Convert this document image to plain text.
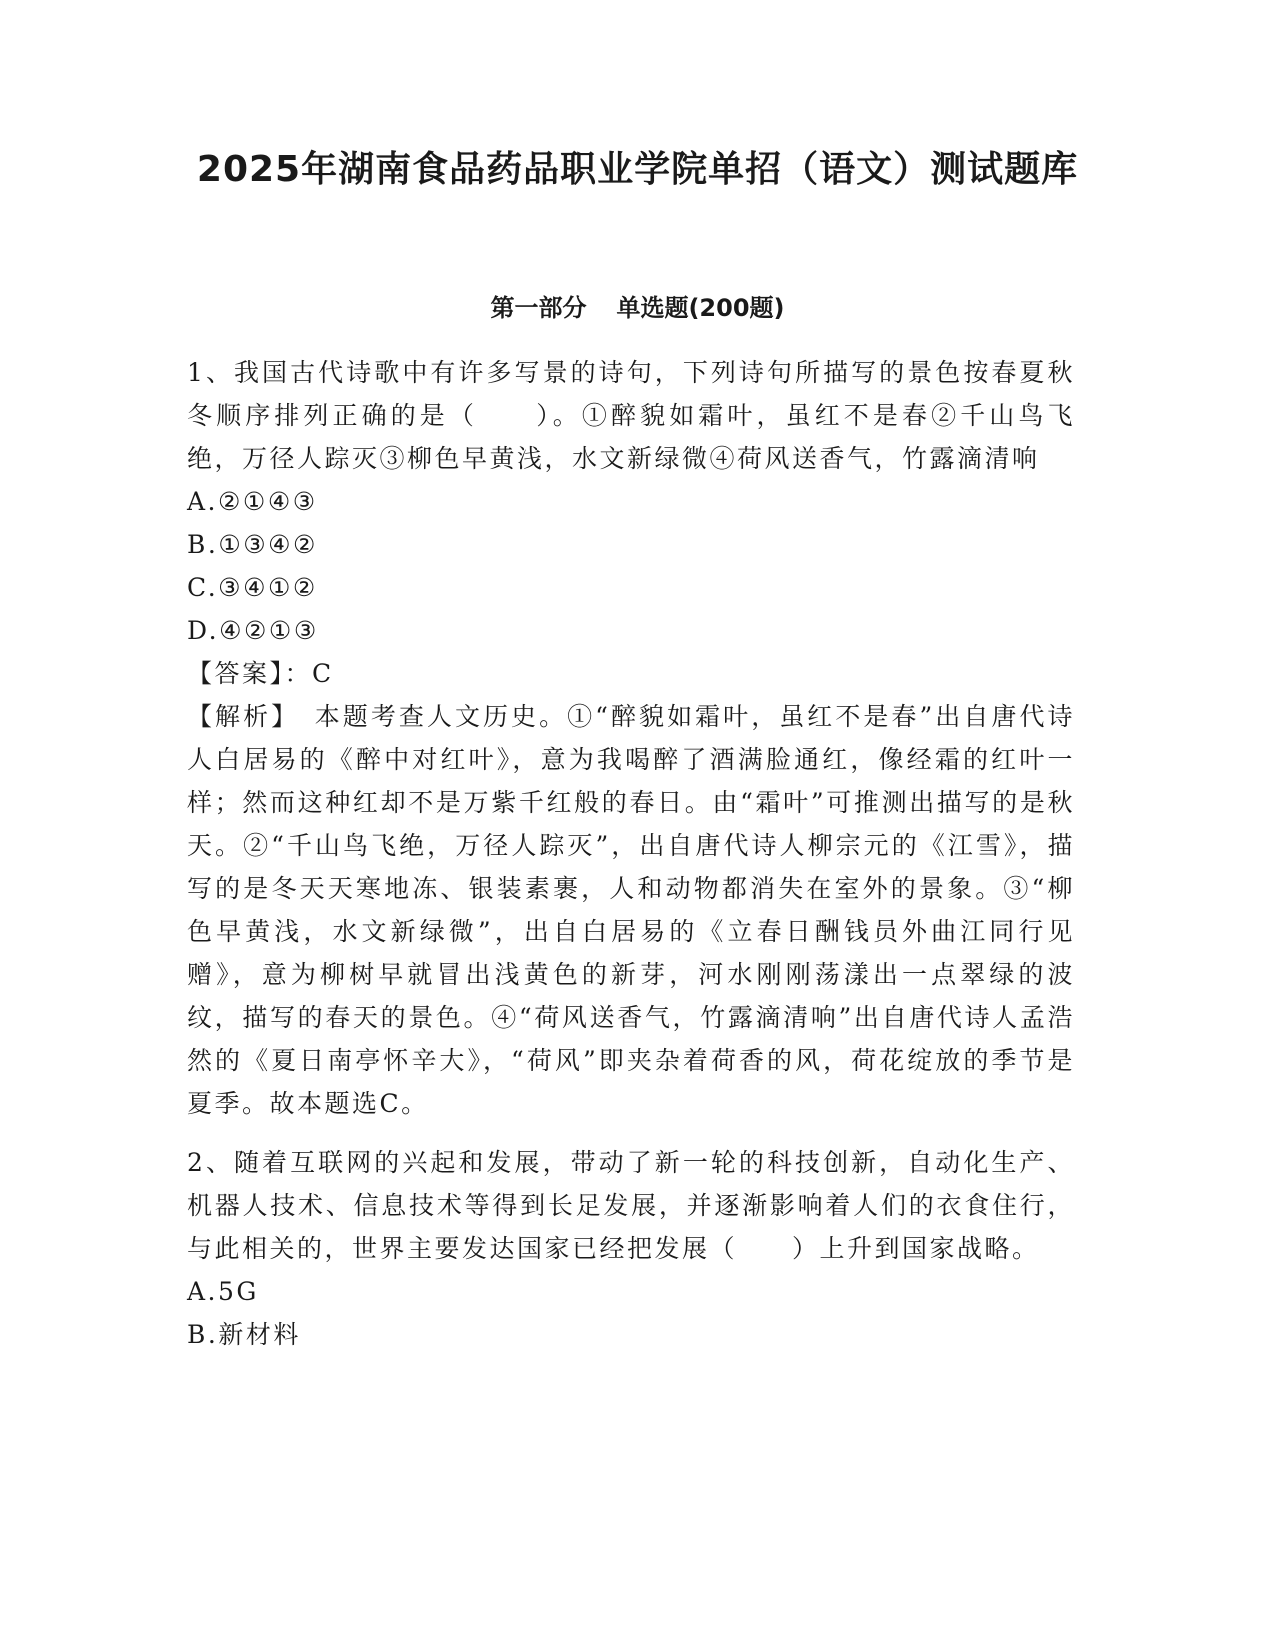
2025年湖南食品药品职业学院单招（语文）测试题库
第一部分 单选题(200题)

1、我国古代诗歌中有许多写景的诗句，下列诗句所描写的景色按春夏秋冬顺序排列正确的是（　　）。①醉貌如霜叶，虽红不是春②千山鸟飞绝，万径人踪灭③柳色早黄浅，水文新绿微④荷风送香气，竹露滴清响

A.②①④③
B.①③④②
C.③④①②
D.④②①③

【答案】：C

【解析】　本题考查人文历史。①“醉貌如霜叶，虽红不是春”出自唐代诗人白居易的《醉中对红叶》，意为我喝醉了酒满脸通红，像经霜的红叶一样；然而这种红却不是万紫千红般的春日。由“霜叶”可推测出描写的是秋天。②“千山鸟飞绝，万径人踪灭”，出自唐代诗人柳宗元的《江雪》，描写的是冬天天寒地冻、银装素裹，人和动物都消失在室外的景象。③“柳色早黄浅，水文新绿微”，出自白居易的《立春日酬钱员外曲江同行见赠》，意为柳树早就冒出浅黄色的新芽，河水刚刚荡漾出一点翠绿的波纹，描写的春天的景色。④“荷风送香气，竹露滴清响”出自唐代诗人孟浩然的《夏日南亭怀辛大》，“荷风”即夹杂着荷香的风，荷花绽放的季节是夏季。故本题选C。

2、随着互联网的兴起和发展，带动了新一轮的科技创新，自动化生产、机器人技术、信息技术等得到长足发展，并逐渐影响着人们的衣食住行，与此相关的，世界主要发达国家已经把发展（　　）上升到国家战略。

A.5G
B.新材料
